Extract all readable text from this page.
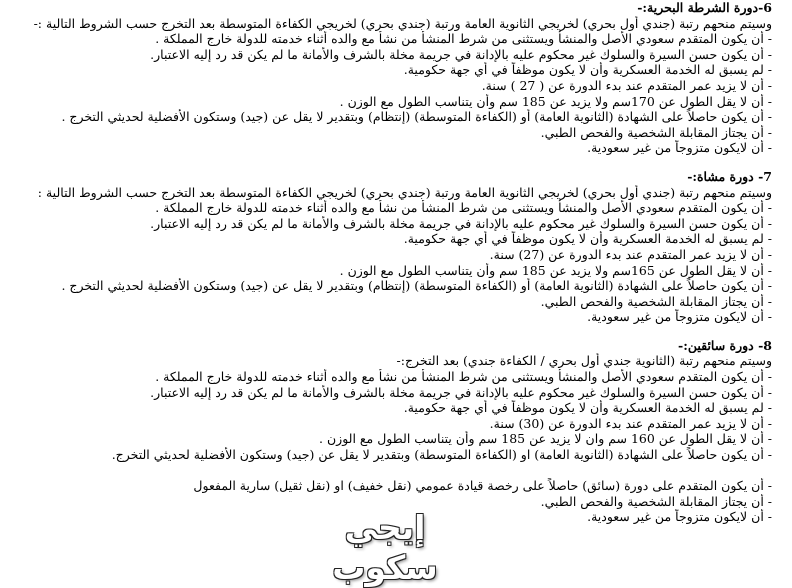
6-دورة الشرطة البحرية:-
وسيتم منحهم رتبة (جندي أول بحري) لخريجي الثانوية العامة ورتبة (جندي بحري) لخريجي الكفاءة المتوسطة بعد التخرج حسب الشروط التالية :-
- أن يكون المتقدم سعودي الأصل والمنشأ ويستثنى من شرط المنشأ من نشأ مع والده أثناء خدمته للدولة خارج المملكة .
- أن يكون حسن السيرة والسلوك غير محكوم عليه بالإدانة في جريمة مخلة بالشرف والأمانة ما لم يكن قد رد إليه الاعتبار.
- لم يسبق له الخدمة العسكرية وأن لا يكون موظفاً في أي جهة حكومية.
- أن لا يزيد عمر المتقدم عند بدء الدورة عن ( 27 ) سنة.
- أن لا يقل الطول عن 170سم ولا يزيد عن 185 سم وأن يتناسب الطول مع الوزن .
- أن يكون حاصلاً على الشهادة (الثانوية العامة) أو (الكفاءة المتوسطة) (إنتظام) وبتقدير لا يقل عن (جيد) وستكون الأفضلية لحديثي التخرج .
- أن يجتاز المقابلة الشخصية والفحص الطبي.
- أن لايكون متزوجاً من غير سعودية.
7- دورة مشاة:-
وسيتم منحهم رتبة (جندي أول بحري) لخريجي الثانوية العامة ورتبة (جندي بحري) لخريجي الكفاءة المتوسطة بعد التخرج حسب الشروط التالية :
- أن يكون المتقدم سعودي الأصل والمنشأ ويستثنى من شرط المنشأ من نشأ مع والده أثناء خدمته للدولة خارج المملكة .
- أن يكون حسن السيرة والسلوك غير محكوم عليه بالإدانة في جريمة مخلة بالشرف والأمانة ما لم يكن قد رد إليه الاعتبار.
- لم يسبق له الخدمة العسكرية وأن لا يكون موظفاً في أي جهة حكومية.
- أن لا يزيد عمر المتقدم عند بدء الدورة عن (27) سنة.
- أن لا يقل الطول عن 165سم ولا يزيد عن 185 سم وأن يتناسب الطول مع الوزن .
- أن يكون حاصلاً على الشهادة (الثانوية العامة) أو (الكفاءة المتوسطة) (إنتظام) وبتقدير لا يقل عن (جيد) وستكون الأفضلية لحديثي التخرج .
- أن يجتاز المقابلة الشخصية والفحص الطبي.
- أن لايكون متزوجاً من غير سعودية.
8- دورة سائقين:-
وسيتم منحهم رتبة (الثانوية جندي أول بحري / الكفاءة جندي) بعد التخرج:-
- أن يكون المتقدم سعودي الأصل والمنشأ ويستثنى من شرط المنشأ من نشأ مع والده أثناء خدمته للدولة خارج المملكة .
- أن يكون حسن السيرة والسلوك غير محكوم عليه بالإدانة في جريمة مخلة بالشرف والأمانة ما لم يكن قد رد إليه الاعتبار.
- لم يسبق له الخدمة العسكرية وأن لا يكون موظفاً في أي جهة حكومية.
- أن لا يزيد عمر المتقدم عند بدء الدورة عن (30) سنة.
- أن لا يقل الطول عن 160 سم وان لا يزيد عن 185 سم وأن يتناسب الطول مع الوزن .
- أن يكون حاصلاً على الشهادة (الثانوية العامة) او (الكفاءة المتوسطة) وبتقدير لا يقل عن (جيد) وستكون الأفضلية لحديثي التخرج.
- أن يكون المتقدم على دورة (سائق) حاصلاً على رخصة قيادة عمومي (نقل خفيف) او (نقل ثقيل) سارية المفعول
- أن يجتاز المقابلة الشخصية والفحص الطبي.
- أن لايكون متزوجاً من غير سعودية.
إيجي سكوب
